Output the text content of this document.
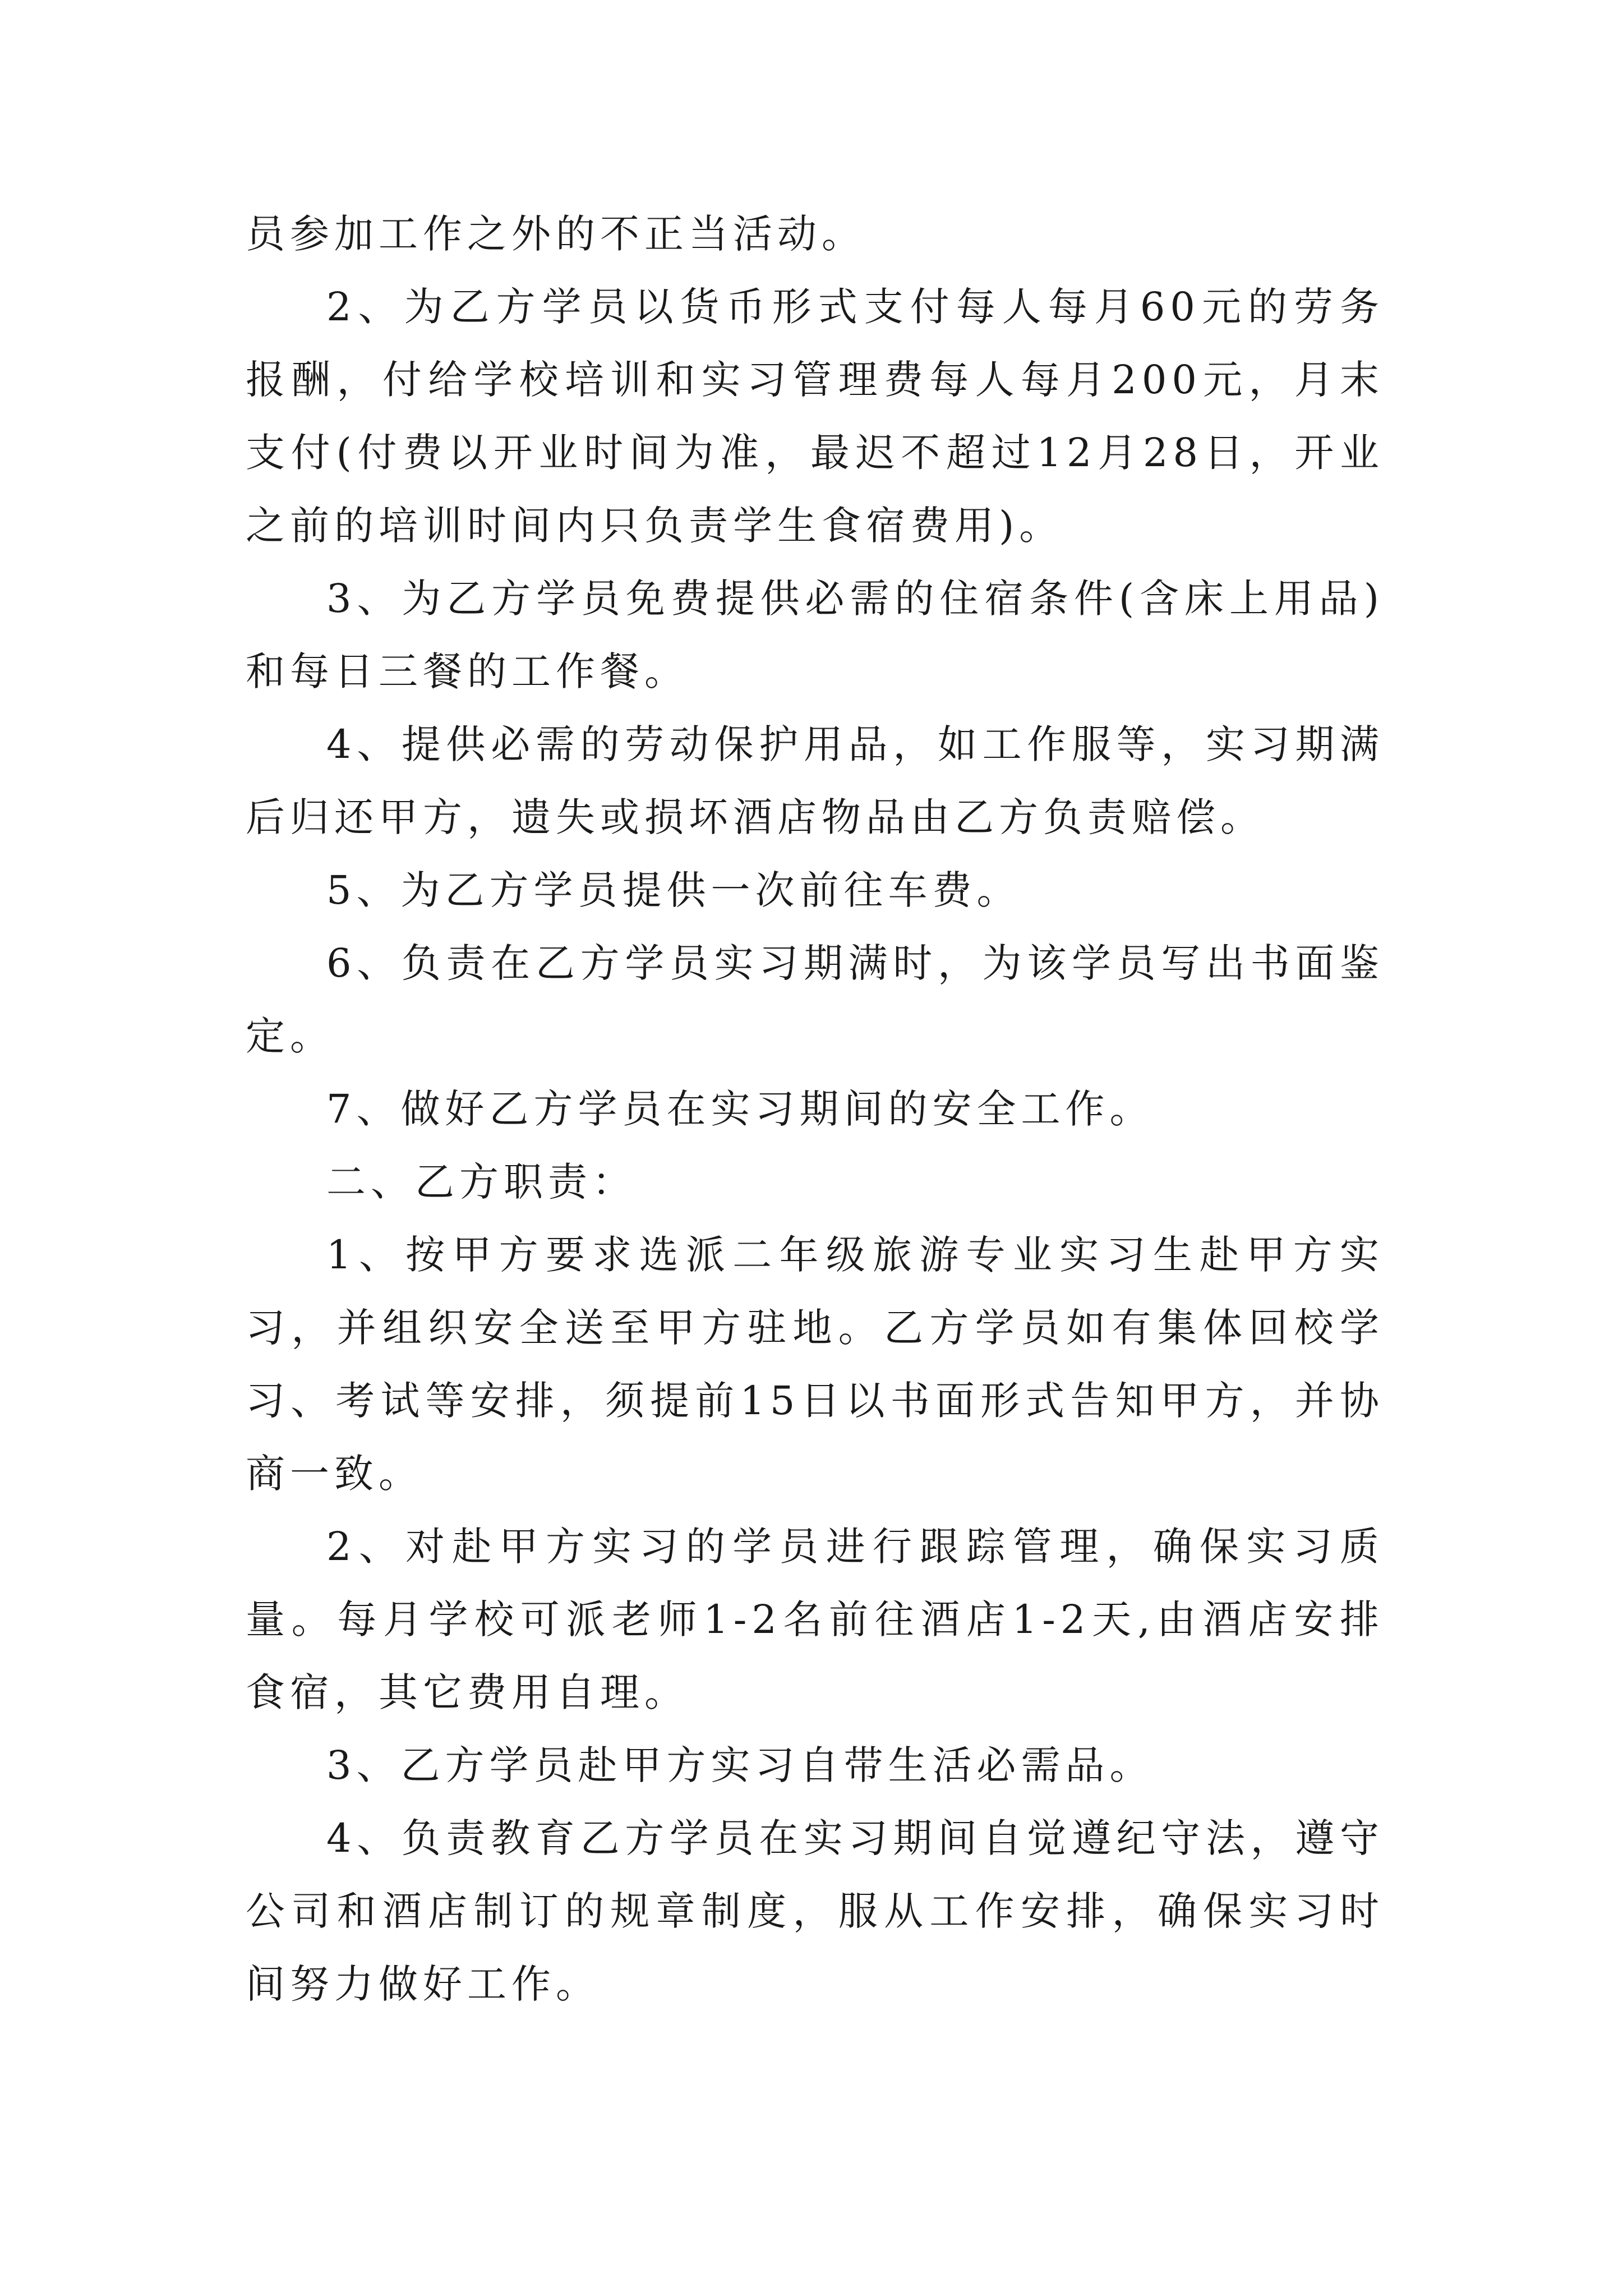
员参加工作之外的不正当活动。

2、为乙方学员以货币形式支付每人每月60元的劳务报酬，付给学校培训和实习管理费每人每月200元，月末支付(付费以开业时间为准，最迟不超过12月28日，开业之前的培训时间内只负责学生食宿费用)。

3、为乙方学员免费提供必需的住宿条件(含床上用品)和每日三餐的工作餐。

4、提供必需的劳动保护用品，如工作服等，实习期满后归还甲方，遗失或损坏酒店物品由乙方负责赔偿。

5、为乙方学员提供一次前往车费。

6、负责在乙方学员实习期满时，为该学员写出书面鉴定。

7、做好乙方学员在实习期间的安全工作。

二、乙方职责：

1、按甲方要求选派二年级旅游专业实习生赴甲方实习，并组织安全送至甲方驻地。乙方学员如有集体回校学习、考试等安排，须提前15日以书面形式告知甲方，并协商一致。

2、对赴甲方实习的学员进行跟踪管理，确保实习质量。每月学校可派老师1-2名前往酒店1-2天,由酒店安排食宿，其它费用自理。

3、乙方学员赴甲方实习自带生活必需品。

4、负责教育乙方学员在实习期间自觉遵纪守法，遵守公司和酒店制订的规章制度，服从工作安排，确保实习时间努力做好工作。
